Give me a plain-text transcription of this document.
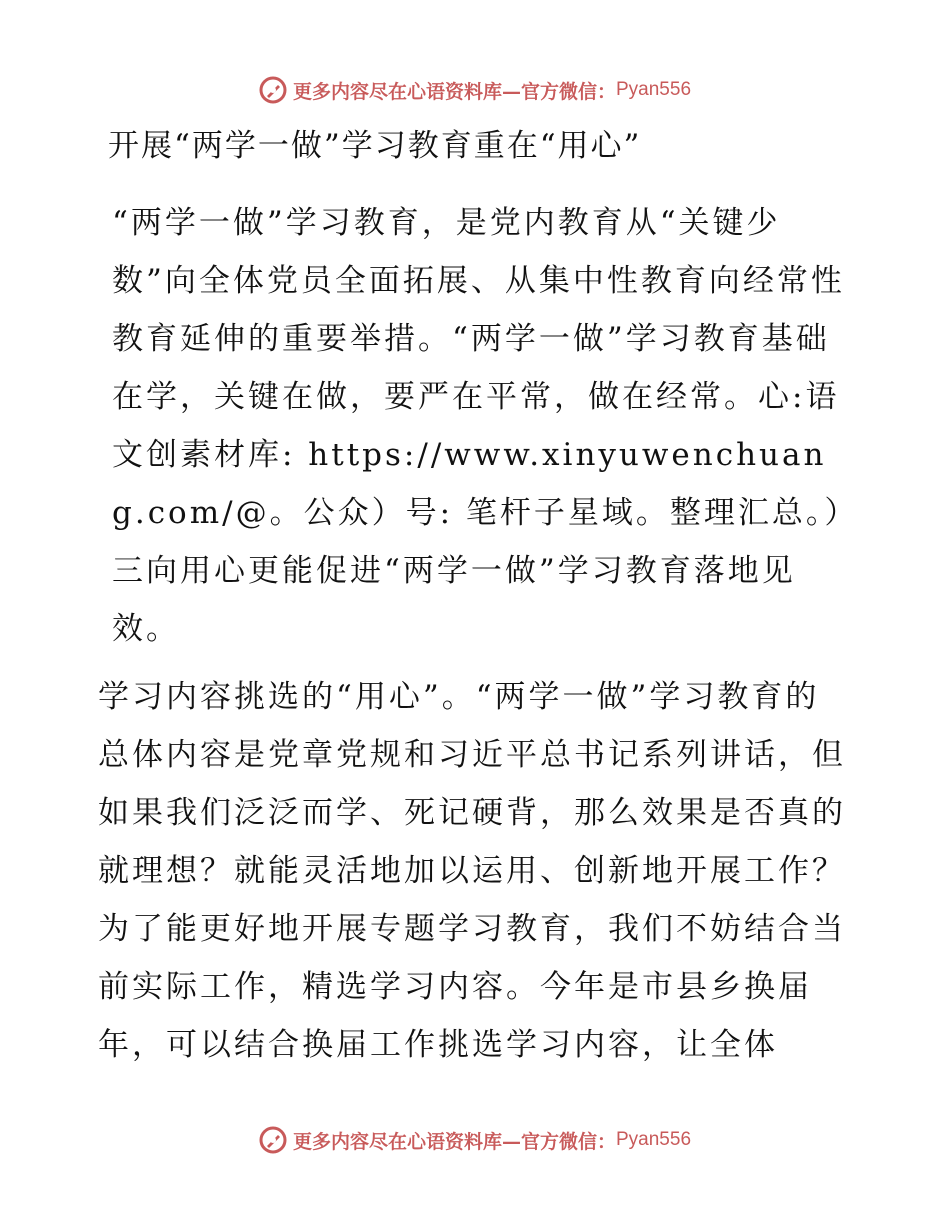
更多内容尽在心语资料库—官方微信： Pyan556
开展“两学一做”学习教育重在“用心”

“两学一做”学习教育，是党内教育从“关键少数”向全体党员全面拓展、从集中性教育向经常性教育延伸的重要举措。“两学一做”学习教育基础在学，关键在做，要严在平常，做在经常。心:语文创素材库: https://www.xinyuwenchuang.com/@。公众）号: 笔杆子星域。整理汇总。）三向用心更能促进“两学一做”学习教育落地见效。

学习内容挑选的“用心”。“两学一做”学习教育的总体内容是党章党规和习近平总书记系列讲话，但如果我们泛泛而学、死记硬背，那么效果是否真的就理想？就能灵活地加以运用、创新地开展工作？为了能更好地开展专题学习教育，我们不妨结合当前实际工作，精选学习内容。今年是市县乡换届年，可以结合换届工作挑选学习内容，让全体

更多内容尽在心语资料库—官方微信： Pyan556
